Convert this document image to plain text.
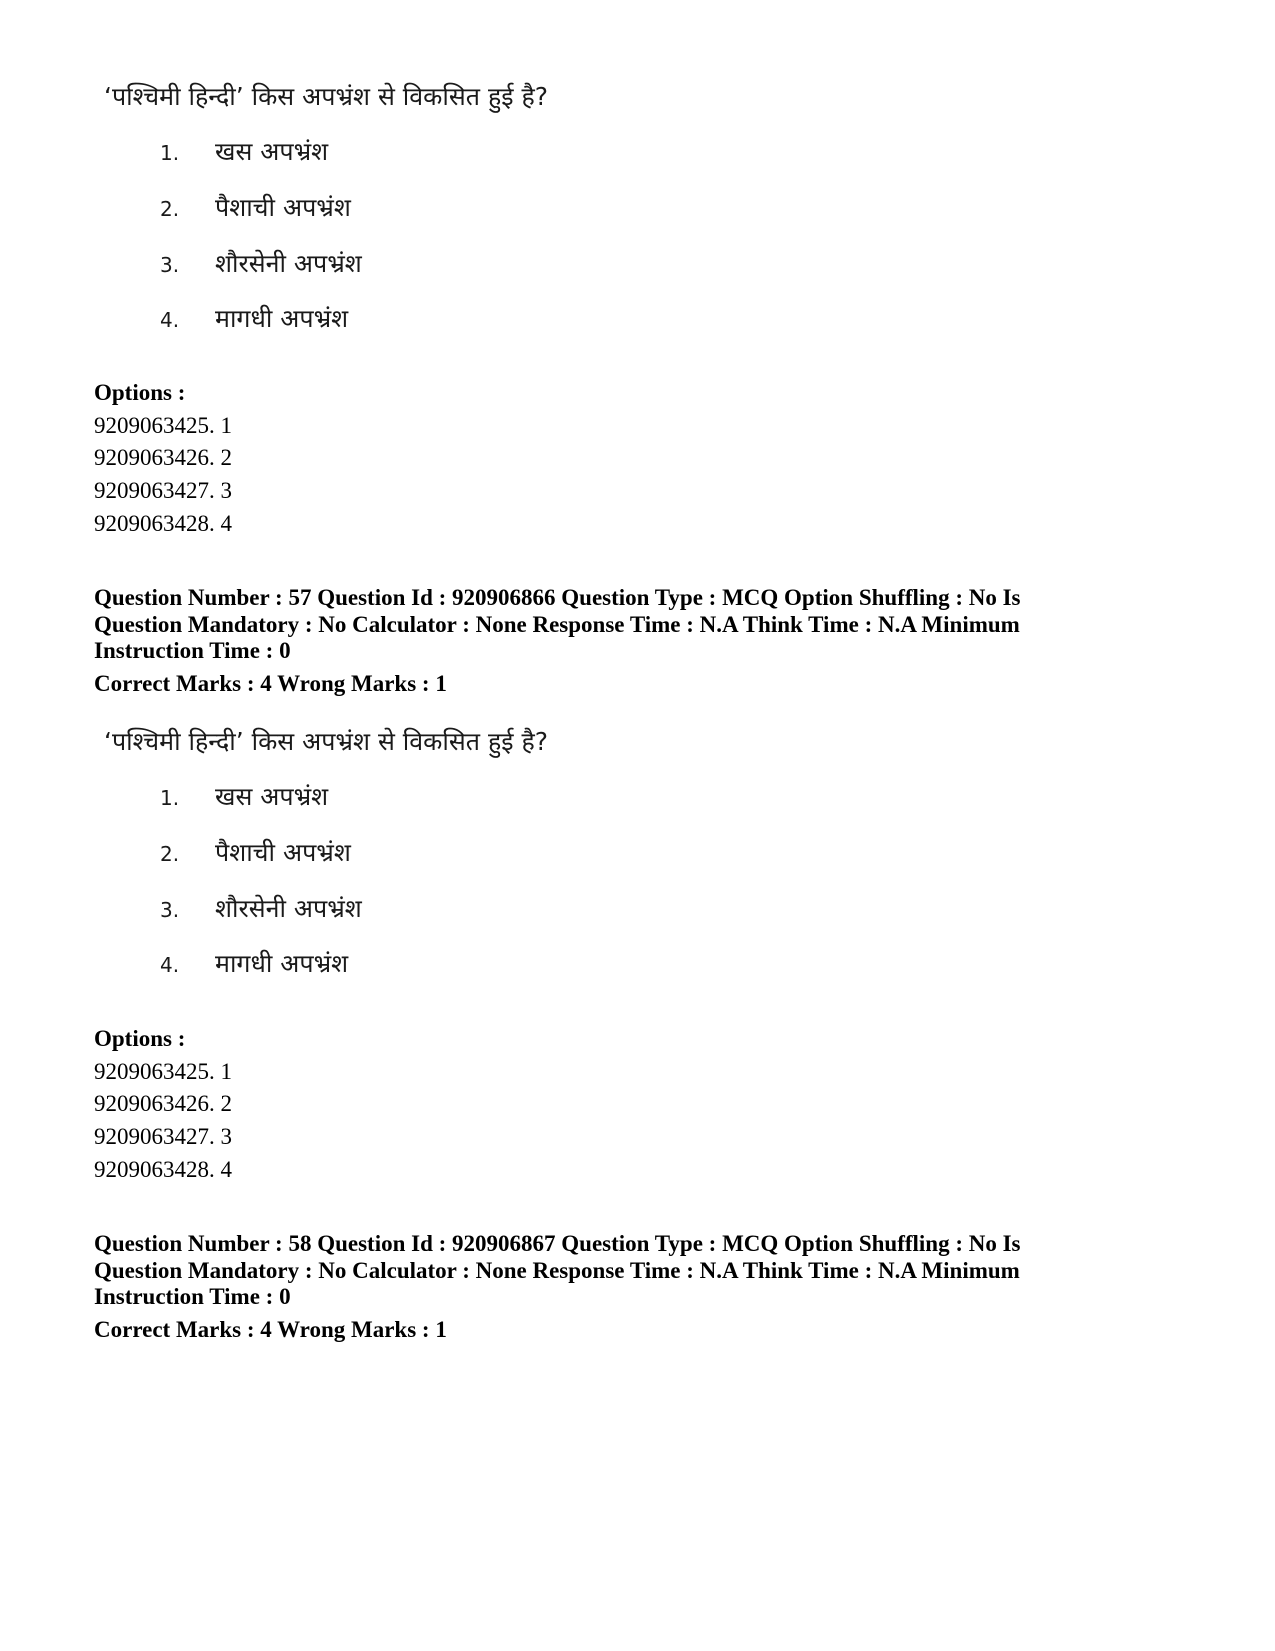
‘पश्चिमी हिन्दी’ किस अपभ्रंश से विकसित हुई है?
1. खस अपभ्रंश
2. पैशाची अपभ्रंश
3. शौरसेनी अपभ्रंश
4. मागधी अपभ्रंश
Options :
9209063425. 1
9209063426. 2
9209063427. 3
9209063428. 4
Question Number : 57 Question Id : 920906866 Question Type : MCQ Option Shuffling : No Is
Question Mandatory : No Calculator : None Response Time : N.A Think Time : N.A Minimum
Instruction Time : 0
Correct Marks : 4 Wrong Marks : 1
‘पश्चिमी हिन्दी’ किस अपभ्रंश से विकसित हुई है?
1. खस अपभ्रंश
2. पैशाची अपभ्रंश
3. शौरसेनी अपभ्रंश
4. मागधी अपभ्रंश
Options :
9209063425. 1
9209063426. 2
9209063427. 3
9209063428. 4
Question Number : 58 Question Id : 920906867 Question Type : MCQ Option Shuffling : No Is
Question Mandatory : No Calculator : None Response Time : N.A Think Time : N.A Minimum
Instruction Time : 0
Correct Marks : 4 Wrong Marks : 1
